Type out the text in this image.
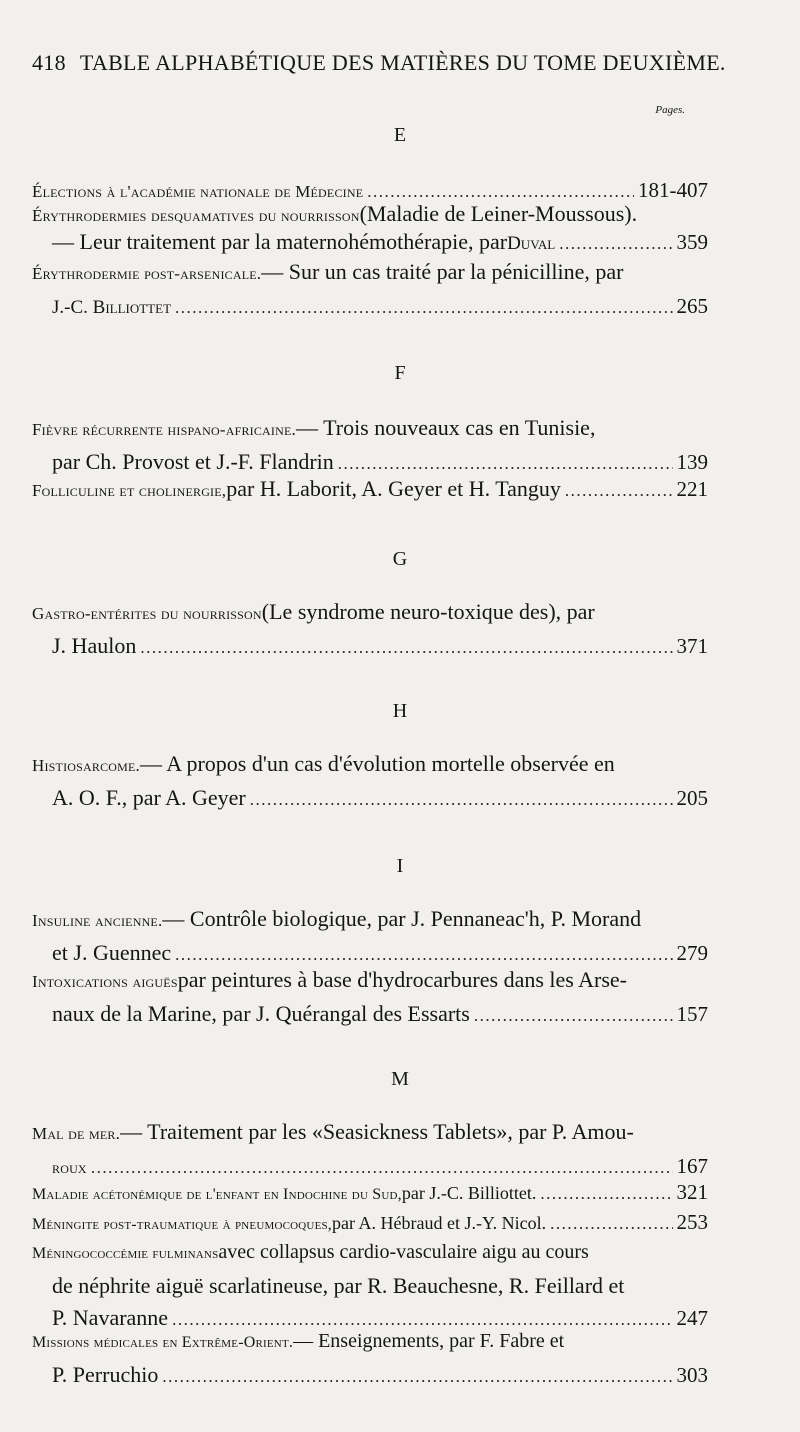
418 TABLE ALPHABÉTIQUE DES MATIÈRES DU TOME DEUXIÈME.
Pages.
E
Élections à l'académie nationale de Médecine .....	181-407
Érythrodermies desquamatives du nourrisson (Maladie de Leiner-Moussous).
— Leur traitement par la maternohémothérapie, par Duval .....	359
Érythrodermie post-arsenicale. — Sur un cas traité par la pénicilline, par
J.-C. Billiottet .....	265
F
Fièvre récurrente hispano-africaine. — Trois nouveaux cas en Tunisie,
par Ch. Provost et J.-F. Flandrin .....	139
Folliculine et cholinergie, par H. Laborit, A. Geyer et H. Tanguy .....	221
G
Gastro-entérites du nourrisson (Le syndrome neuro-toxique des), par
J. Haulon .....	371
H
Histiosarcome. — A propos d'un cas d'évolution mortelle observée en
A. O. F., par A. Geyer .....	205
I
Insuline ancienne. — Contrôle biologique, par J. Pennaneac'h, P. Morand
et J. Guennec .....	279
Intoxications aiguës par peintures à base d'hydrocarbures dans les Arse-
naux de la Marine, par J. Quérangal des Essarts .....	157
M
Mal de mer. — Traitement par les «Seasickness Tablets», par P. Amou-
roux .....	167
Maladie acétonémique de l'enfant en Indochine du Sud, par J.-C. Billiottet. .....	321
Méningite post-traumatique à pneumocoques, par A. Hébraud et J.-Y. Nicol. .....	253
Méningococcémie fulminans avec collapsus cardio-vasculaire aigu au cours
de néphrite aiguë scarlatineuse, par R. Beauchesne, R. Feillard et
P. Navaranne .....	247
Missions médicales en Extrême-Orient. — Enseignements, par F. Fabre et
P. Perruchio .....	303
